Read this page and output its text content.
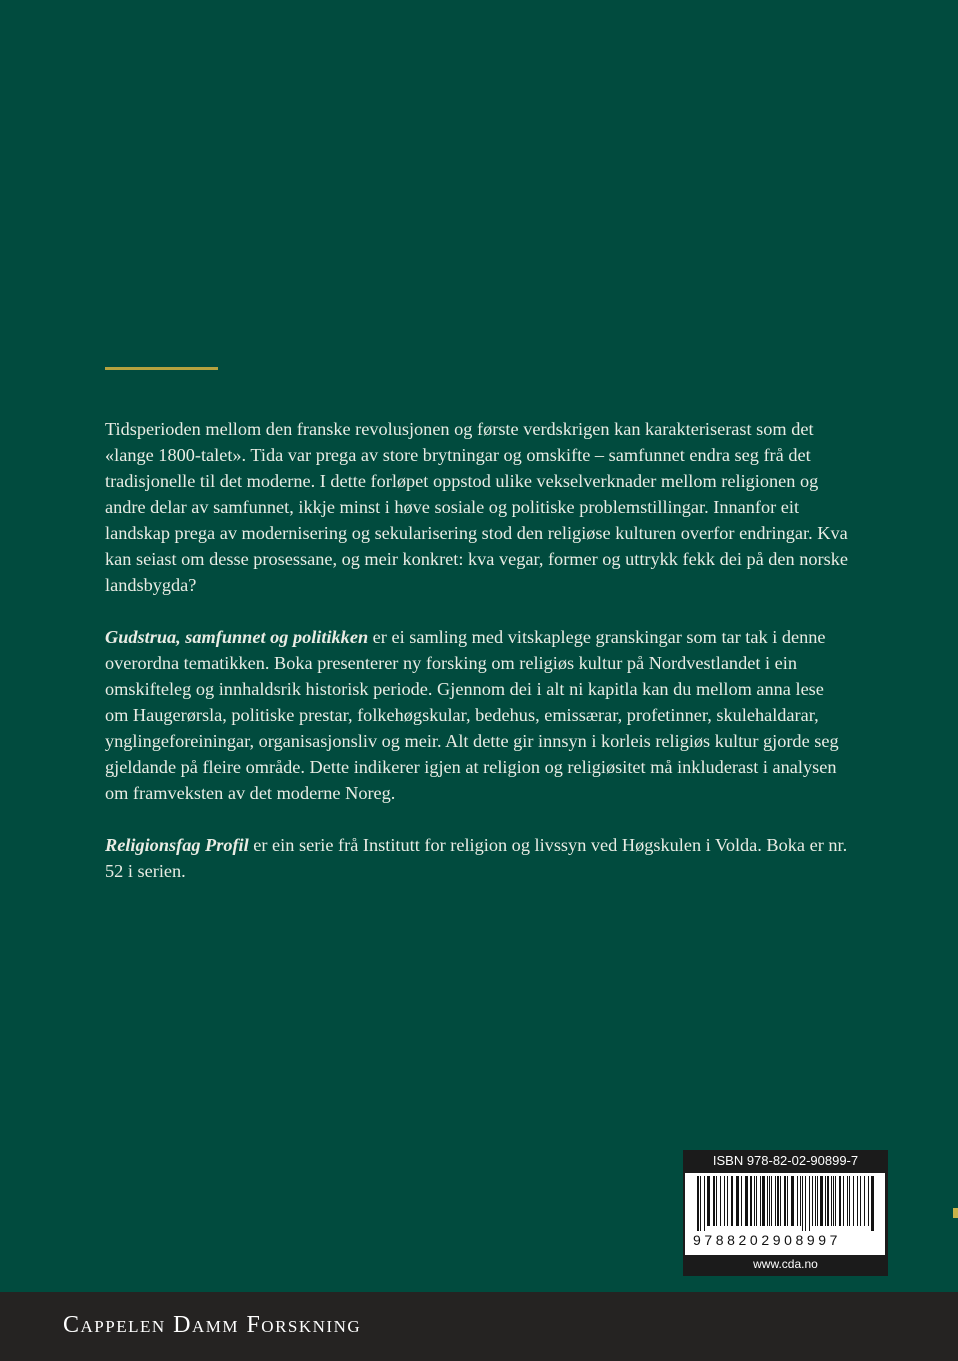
Tidsperioden mellom den franske revolusjonen og første verdskrigen kan karakteriserast som det «lange 1800-talet». Tida var prega av store brytningar og omskifte – samfunnet endra seg frå det tradisjonelle til det moderne. I dette forløpet oppstod ulike vekselverknader mellom religionen og andre delar av samfunnet, ikkje minst i høve sosiale og politiske problemstillingar. Innanfor eit landskap prega av modernisering og sekularisering stod den religiøse kulturen overfor endringar. Kva kan seiast om desse prosessane, og meir konkret: kva vegar, former og uttrykk fekk dei på den norske landsbygda?

Gudstrua, samfunnet og politikken er ei samling med vitskaplege granskingar som tar tak i denne overordna tematikken. Boka presenterer ny forsking om religiøs kultur på Nordvestlandet i ein omskifteleg og innhaldsrik historisk periode. Gjennom dei i alt ni kapitla kan du mellom anna lese om Haugerørsla, politiske prestar, folkehøgskular, bedehus, emissærar, profetinner, skulehaldarar, ynglingeforeiningar, organisasjonsliv og meir. Alt dette gir innsyn i korleis religiøs kultur gjorde seg gjeldande på fleire område. Dette indikerer igjen at religion og religiøsitet må inkluderast i analysen om framveksten av det moderne Noreg.

Religionsfag Profil er ein serie frå Institutt for religion og livssyn ved Høgskulen i Volda. Boka er nr. 52 i serien.

ISBN 978-82-02-90899-7
9788202908997
www.cda.no
Cappelen Damm Forskning
